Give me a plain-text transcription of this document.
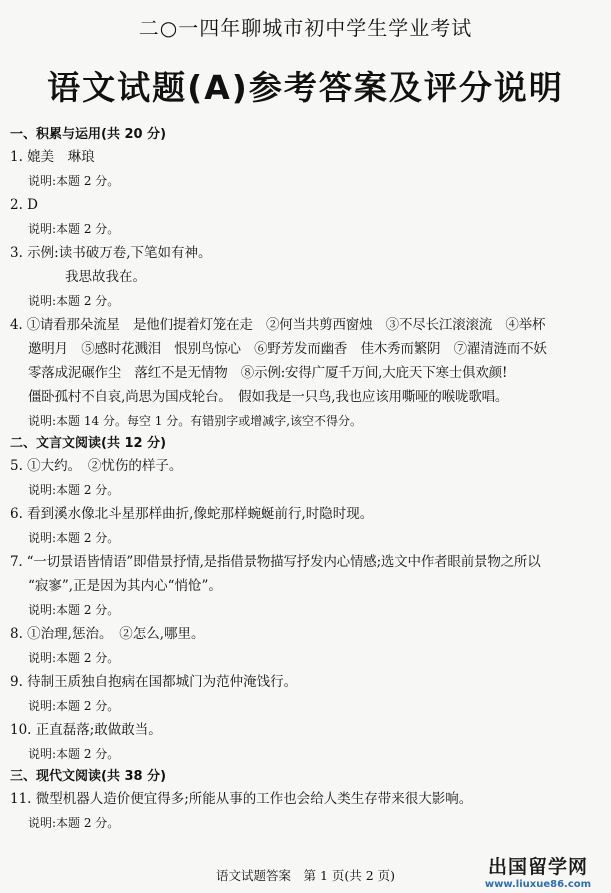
二○一四年聊城市初中学生学业考试
语文试题(A)参考答案及评分说明
一、积累与运用(共 20 分)
1. 媲美　琳琅
说明:本题 2 分。
2. D
说明:本题 2 分。
3. 示例:读书破万卷,下笔如有神。
我思故我在。
说明:本题 2 分。
4. ①请看那朵流星　是他们提着灯笼在走　②何当共剪西窗烛　③不尽长江滚滚流　④举杯
邀明月　⑤感时花溅泪　恨别鸟惊心　⑥野芳发而幽香　佳木秀而繁阴　⑦濯清涟而不妖
零落成泥碾作尘　落红不是无情物　⑧示例:安得广厦千万间,大庇天下寒士俱欢颜!
僵卧孤村不自哀,尚思为国戍轮台。　假如我是一只鸟,我也应该用嘶哑的喉咙歌唱。
说明:本题 14 分。每空 1 分。有错别字或增减字,该空不得分。
二、文言文阅读(共 12 分)
5. ①大约。　②忧伤的样子。
说明:本题 2 分。
6. 看到溪水像北斗星那样曲折,像蛇那样蜿蜒前行,时隐时现。
说明:本题 2 分。
7. “一切景语皆情语”即借景抒情,是指借景物描写抒发内心情感;选文中作者眼前景物之所以
“寂寥”,正是因为其内心“悄怆”。
说明:本题 2 分。
8. ①治理,惩治。　②怎么,哪里。
说明:本题 2 分。
9. 待制王质独自抱病在国都城门为范仲淹饯行。
说明:本题 2 分。
10. 正直磊落;敢做敢当。
说明:本题 2 分。
三、现代文阅读(共 38 分)
11. 微型机器人造价便宜得多;所能从事的工作也会给人类生存带来很大影响。
说明:本题 2 分。
语文试题答案　第 1 页(共 2 页)	出国留学网
www.liuxue86.com
